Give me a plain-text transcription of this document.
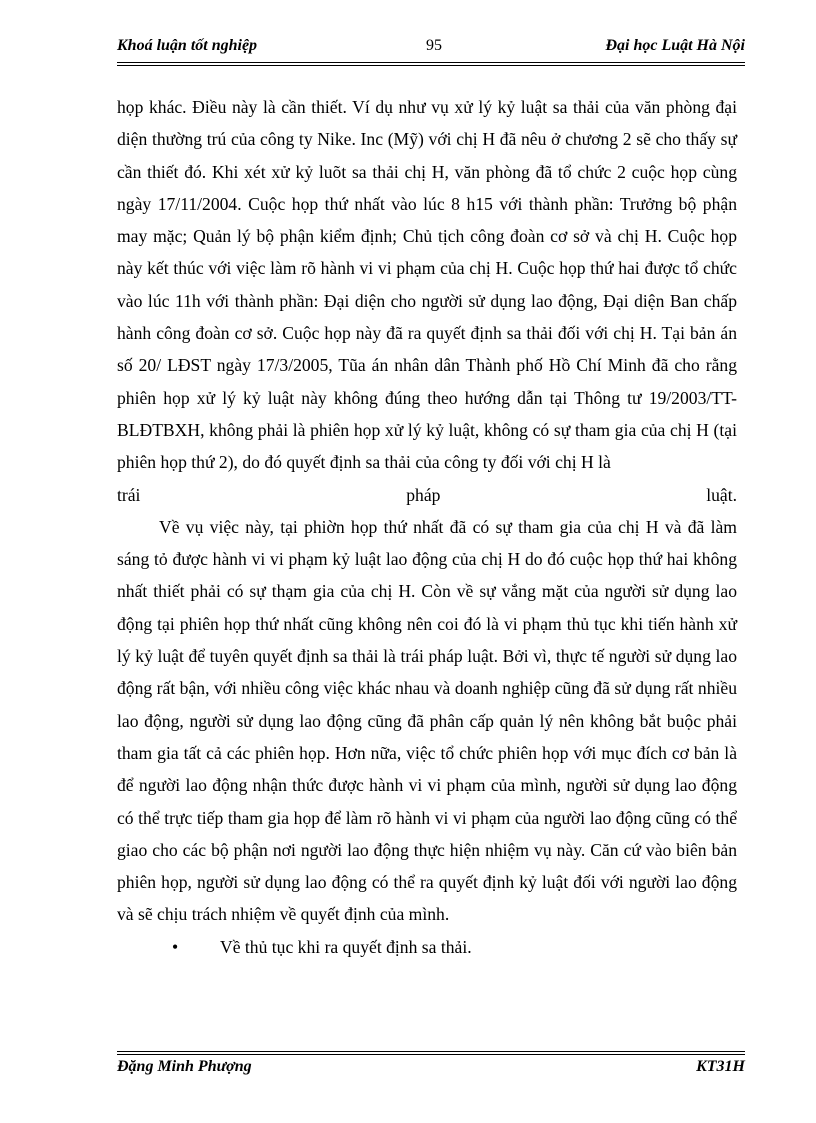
Khoá luận tốt nghiệp	95	Đại học Luật Hà Nội

họp khác. Điều này là cần thiết. Ví dụ như vụ xử lý kỷ luật sa thải của văn phòng đại diện thường trú của công ty Nike. Inc (Mỹ) với chị H đã nêu ở chương 2 sẽ cho thấy sự cần thiết đó. Khi xét xử kỷ luõt sa thải chị H, văn phòng đã tổ chức 2 cuộc họp cùng ngày 17/11/2004. Cuộc họp thứ nhất vào lúc 8 h15 với thành phần: Trưởng bộ phận may mặc; Quản lý bộ phận kiểm định; Chủ tịch công đoàn cơ sở và chị H. Cuộc họp này kết thúc với việc làm rõ hành vi vi phạm của chị H. Cuộc họp thứ hai được tổ chức vào lúc 11h với thành phần: Đại diện cho người sử dụng lao động, Đại diện Ban chấp hành công đoàn cơ sở. Cuộc họp này đã ra quyết định sa thải đối với chị H. Tại bản án số 20/ LĐST ngày 17/3/2005, Tũa án nhân dân Thành phố Hồ Chí Minh đã cho rằng phiên họp xử lý kỷ luật này không đúng theo hướng dẫn tại Thông tư 19/2003/TT-BLĐTBXH, không phải là phiên họp xử lý kỷ luật, không có sự tham gia của chị H (tại phiên họp thứ 2), do đó quyết định sa thải của công ty đối với chị H là

trái	pháp	luật.

Về vụ việc này, tại phiờn họp thứ nhất đã có sự tham gia của chị H và đã làm sáng tỏ được hành vi vi phạm kỷ luật lao động của chị H do đó cuộc họp thứ hai không nhất thiết phải có sự thạm gia của chị H. Còn về sự vắng mặt của người sử dụng lao động tại phiên họp thứ nhất cũng không nên coi đó là vi phạm thủ tục khi tiến hành xử lý kỷ luật để tuyên quyết định sa thải là trái pháp luật. Bởi vì, thực tế người sử dụng lao động rất bận, với nhiều công việc khác nhau và doanh nghiệp cũng đã sử dụng rất nhiều lao động, người sử dụng lao động cũng đã phân cấp quản lý nên không bắt buộc phải tham gia tất cả các phiên họp. Hơn nữa, việc tổ chức phiên họp với mục đích cơ bản là để người lao động nhận thức được hành vi vi phạm của mình, người sử dụng lao động có thể trực tiếp tham gia họp để làm rõ hành vi vi phạm của người lao động cũng có thể giao cho các bộ phận nơi người lao động thực hiện nhiệm vụ này. Căn cứ vào biên bản phiên họp, người sử dụng lao động có thể ra quyết định kỷ luật đối với người lao động và sẽ chịu trách nhiệm về quyết định của mình.

• Về thủ tục khi ra quyết định sa thải.

Đặng Minh Phượng	KT31H
